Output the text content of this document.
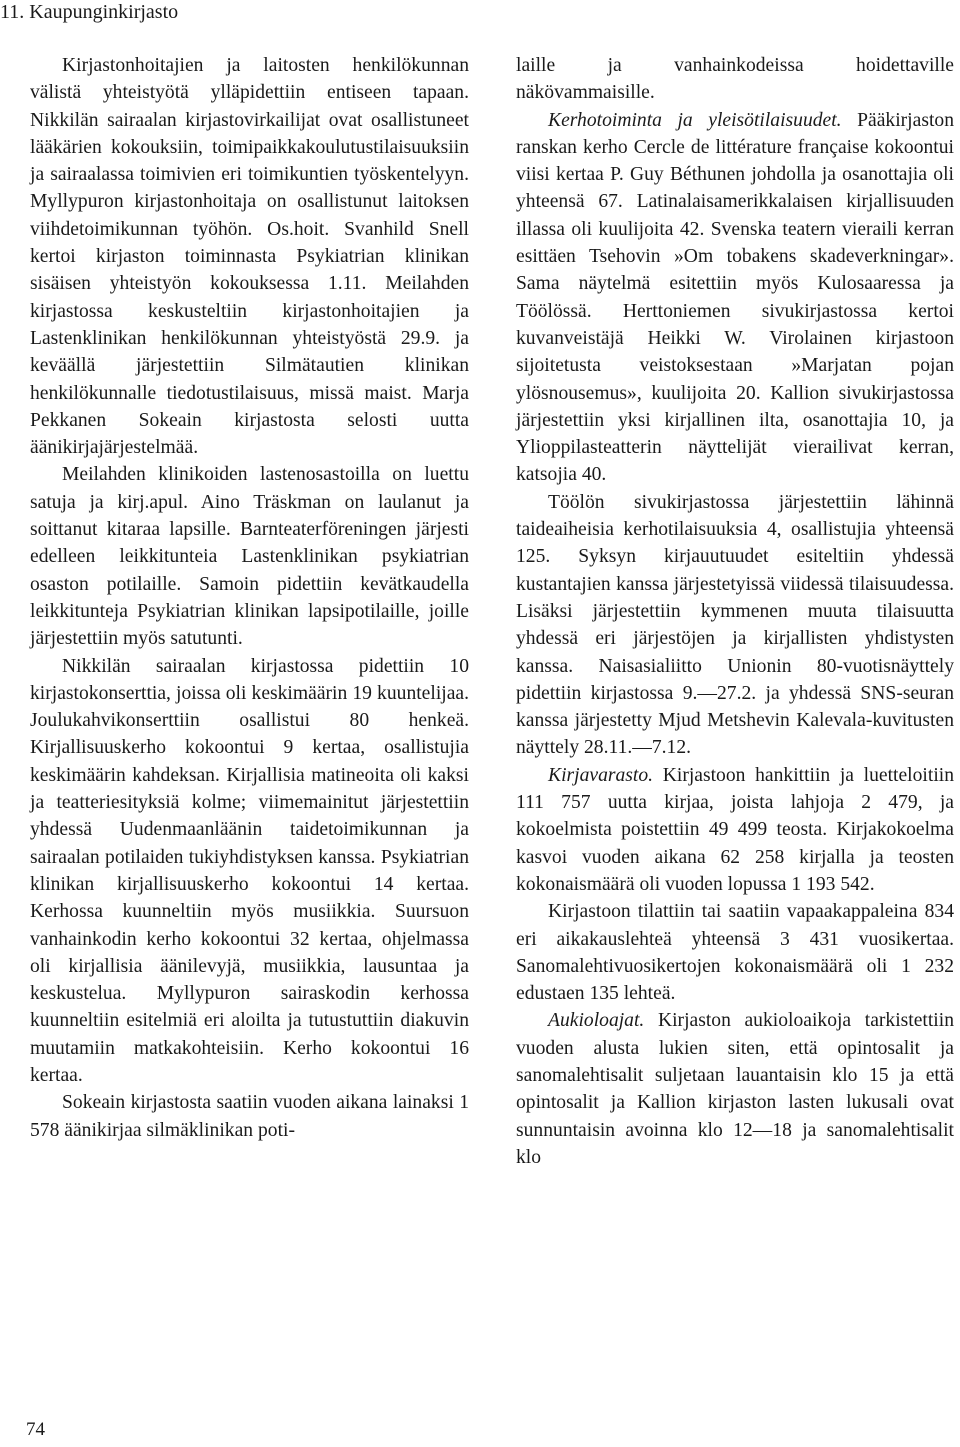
11. Kaupunginkirjasto

Kirjastonhoitajien ja laitosten henkilökunnan välistä yhteistyötä ylläpidettiin entiseen tapaan. Nikkilän sairaalan kirjastovirkailijat ovat osallistuneet lääkärien kokouksiin, toimipaikkakoulutustilaisuuksiin ja sairaalassa toimivien eri toimikuntien työskentelyyn. Myllypuron kirjastonhoitaja on osallistunut laitoksen viihdetoimikunnan työhön. Os.hoit. Svanhild Snell kertoi kirjaston toiminnasta Psykiatrian klinikan sisäisen yhteistyön kokouksessa 1.11. Meilahden kirjastossa keskusteltiin kirjastonhoitajien ja Lastenklinikan henkilökunnan yhteistyöstä 29.9. ja keväällä järjestettiin Silmätautien klinikan henkilökunnalle tiedotustilaisuus, missä maist. Marja Pekkanen Sokeain kirjastosta selosti uutta äänikirjajärjestelmää.

Meilahden klinikoiden lastenosastoilla on luettu satuja ja kirj.apul. Aino Träskman on laulanut ja soittanut kitaraa lapsille. Barnteaterföreningen järjesti edelleen leikkitunteia Lastenklinikan psykiatrian osaston potilaille. Samoin pidettiin kevätkaudella leikkitunteja Psykiatrian klinikan lapsipotilaille, joille järjestettiin myös satutunti.

Nikkilän sairaalan kirjastossa pidettiin 10 kirjastokonserttia, joissa oli keskimäärin 19 kuuntelijaa. Joulukahvikonserttiin osallistui 80 henkeä. Kirjallisuuskerho kokoontui 9 kertaa, osallistujia keskimäärin kahdeksan. Kirjallisia matineoita oli kaksi ja teatteriesityksiä kolme; viimemainitut järjestettiin yhdessä Uudenmaanläänin taidetoimikunnan ja sairaalan potilaiden tukiyhdistyksen kanssa. Psykiatrian klinikan kirjallisuuskerho kokoontui 14 kertaa. Kerhossa kuunneltiin myös musiikkia. Suursuon vanhainkodin kerho kokoontui 32 kertaa, ohjelmassa oli kirjallisia äänilevyjä, musiikkia, lausuntaa ja keskustelua. Myllypuron sairaskodin kerhossa kuunneltiin esitelmiä eri aloilta ja tutustuttiin diakuvin muutamiin matkakohteisiin. Kerho kokoontui 16 kertaa.

Sokeain kirjastosta saatiin vuoden aikana lainaksi 1 578 äänikirjaa silmäklinikan poti-

laille ja vanhainkodeissa hoidettaville näkövammaisille.

Kerhotoiminta ja yleisötilaisuudet. Pääkirjaston ranskan kerho Cercle de littérature française kokoontui viisi kertaa P. Guy Béthunen johdolla ja osanottajia oli yhteensä 67. Latinalaisamerikkalaisen kirjallisuuden illassa oli kuulijoita 42. Svenska teatern vieraili kerran esittäen Tsehovin »Om tobakens skadeverkningar». Sama näytelmä esitettiin myös Kulosaaressa ja Töölössä. Herttoniemen sivukirjastossa kertoi kuvanveistäjä Heikki W. Virolainen kirjastoon sijoitetusta veistoksestaan »Marjatan pojan ylösnousemus», kuulijoita 20. Kallion sivukirjastossa järjestettiin yksi kirjallinen ilta, osanottajia 10, ja Ylioppilasteatterin näyttelijät vierailivat kerran, katsojia 40.

Töölön sivukirjastossa järjestettiin lähinnä taideaiheisia kerhotilaisuuksia 4, osallistujia yhteensä 125. Syksyn kirjauutuudet esiteltiin yhdessä kustantajien kanssa järjestetyissä viidessä tilaisuudessa. Lisäksi järjestettiin kymmenen muuta tilaisuutta yhdessä eri järjestöjen ja kirjallisten yhdistysten kanssa. Naisasialiitto Unionin 80-vuotisnäyttely pidettiin kirjastossa 9.—27.2. ja yhdessä SNS-seuran kanssa järjestetty Mjud Metshevin Kalevala-kuvitusten näyttely 28.11.—7.12.

Kirjavarasto. Kirjastoon hankittiin ja luetteloitiin 111 757 uutta kirjaa, joista lahjoja 2 479, ja kokoelmista poistettiin 49 499 teosta. Kirjakokoelma kasvoi vuoden aikana 62 258 kirjalla ja teosten kokonaismäärä oli vuoden lopussa 1 193 542.

Kirjastoon tilattiin tai saatiin vapaakappaleina 834 eri aikakauslehteä yhteensä 3 431 vuosikertaa. Sanomalehtivuosikertojen kokonaismäärä oli 1 232 edustaen 135 lehteä.

Aukioloajat. Kirjaston aukioloaikoja tarkistettiin vuoden alusta lukien siten, että opintosalit ja sanomalehtisalit suljetaan lauantaisin klo 15 ja että opintosalit ja Kallion kirjaston lasten lukusali ovat sunnuntaisin avoinna klo 12—18 ja sanomalehtisalit klo

74
